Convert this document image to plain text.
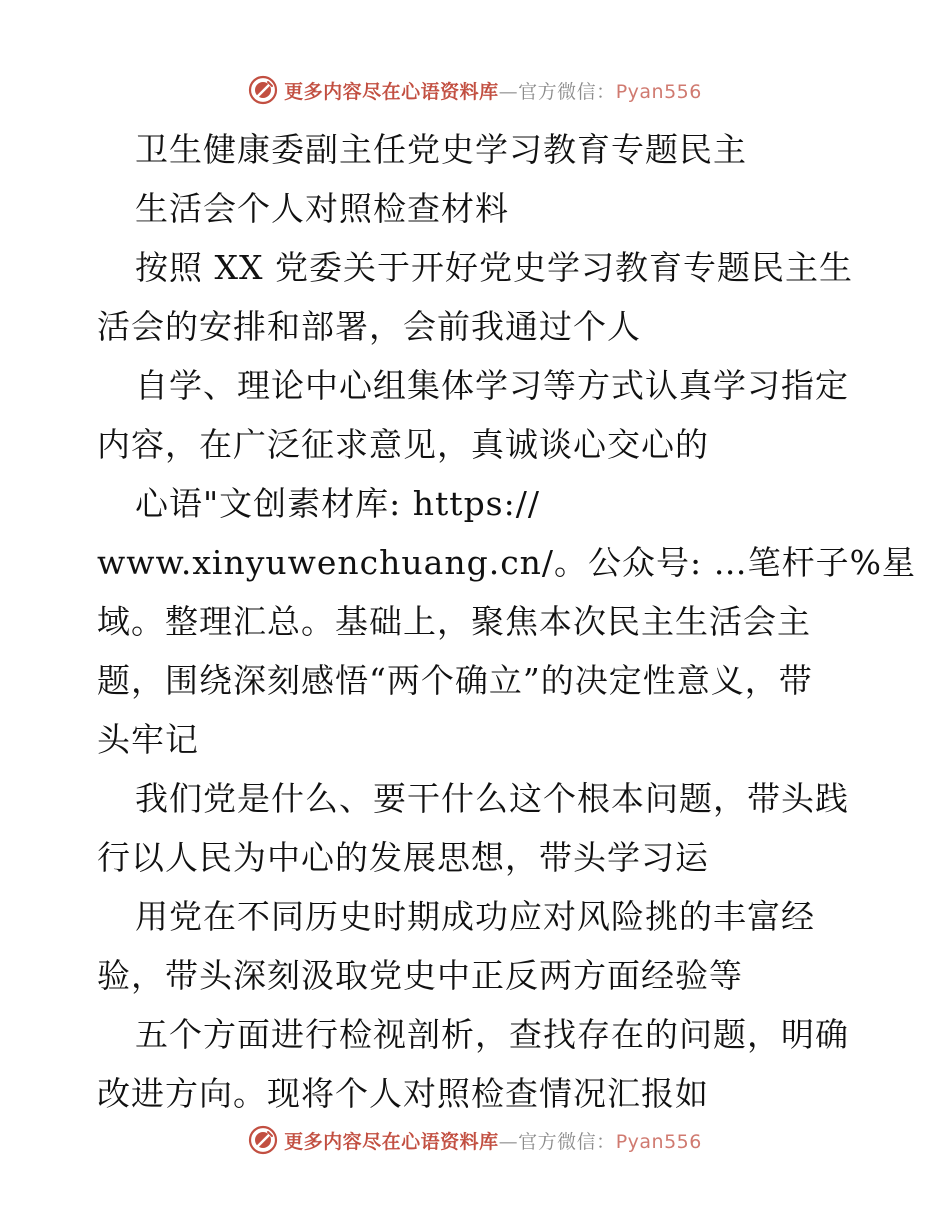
更多内容尽在心语资料库—官方微信：Pyan556
卫生健康委副主任党史学习教育专题民主
生活会个人对照检查材料
按照 XX 党委关于开好党史学习教育专题民主生
活会的安排和部署，会前我通过个人
自学、理论中心组集体学习等方式认真学习指定
内容，在广泛征求意见，真诚谈心交心的
心语"文创素材库: https://
www.xinyuwenchuang.cn/。公众号: …笔杆子%星
域。整理汇总。基础上，聚焦本次民主生活会主
题，围绕深刻感悟“两个确立”的决定性意义，带
头牢记
我们党是什么、要干什么这个根本问题，带头践
行以人民为中心的发展思想，带头学习运
用党在不同历史时期成功应对风险挑的丰富经
验，带头深刻汲取党史中正反两方面经验等
五个方面进行检视剖析，查找存在的问题，明确
改进方向。现将个人对照检查情况汇报如
更多内容尽在心语资料库—官方微信：Pyan556
